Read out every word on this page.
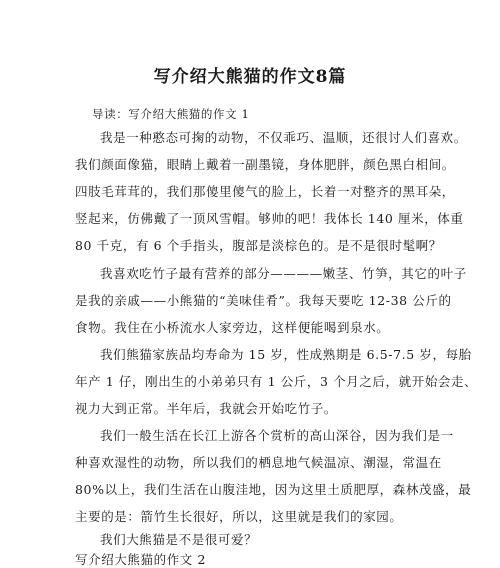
写介绍大熊猫的作文8篇
导读：写介绍大熊猫的作文 1
我是一种憨态可掬的动物，不仅乖巧、温顺，还很讨人们喜欢。
我们颜面像猫，眼睛上戴着一副墨镜，身体肥胖，颜色黑白相间。
四肢毛茸茸的，我们那傻里傻气的脸上，长着一对整齐的黑耳朵，
竖起来，仿佛戴了一顶风雪帽。够帅的吧！我体长 140 厘米，体重
80 千克，有 6 个手指头，腹部是淡棕色的。是不是很时髦啊？
我喜欢吃竹子最有营养的部分————嫩茎、竹笋，其它的叶子
是我的亲戚——小熊猫的“美味佳肴”。我每天要吃 12-38 公斤的
食物。我住在小桥流水人家旁边，这样便能喝到泉水。
我们熊猫家族品均寿命为 15 岁，性成熟期是 6.5-7.5 岁，每胎
年产 1 仔，刚出生的小弟弟只有 1 公斤，3 个月之后，就开始会走、
视力大到正常。半年后，我就会开始吃竹子。
我们一般生活在长江上游各个赏析的高山深谷，因为我们是一
种喜欢湿性的动物，所以我们的栖息地气候温凉、潮湿，常温在
80%以上，我们生活在山腹洼地，因为这里土质肥厚，森林茂盛，最
主要的是：箭竹生长很好，所以，这里就是我们的家园。
我们大熊猫是不是很可爱？
写介绍大熊猫的作文 2
